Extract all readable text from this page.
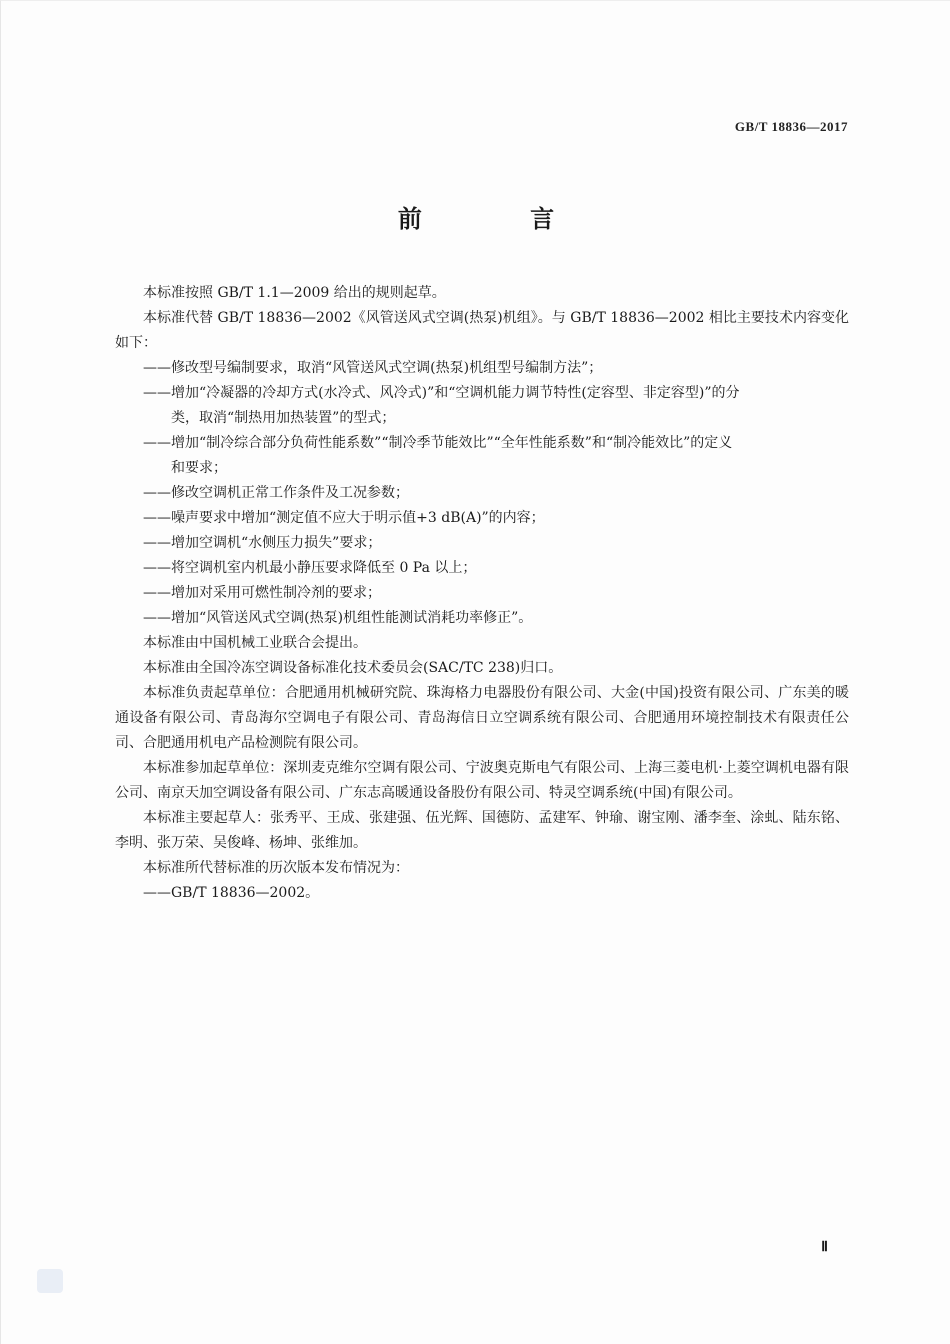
GB/T 18836—2017
前 言

本标准按照 GB/T 1.1—2009 给出的规则起草。

本标准代替 GB/T 18836—2002《风管送风式空调(热泵)机组》。与 GB/T 18836—2002 相比主要技术内容变化如下：

——修改型号编制要求，取消“风管送风式空调(热泵)机组型号编制方法”；

——增加“冷凝器的冷却方式(水冷式、风冷式)”和“空调机能力调节特性(定容型、非定容型)”的分

类，取消“制热用加热装置”的型式；

——增加“制冷综合部分负荷性能系数”“制冷季节能效比”“全年性能系数”和“制冷能效比”的定义

和要求；

——修改空调机正常工作条件及工况参数；

——噪声要求中增加“测定值不应大于明示值+3 dB(A)”的内容；

——增加空调机“水侧压力损失”要求；

——将空调机室内机最小静压要求降低至 0 Pa 以上；

——增加对采用可燃性制冷剂的要求；

——增加“风管送风式空调(热泵)机组性能测试消耗功率修正”。

本标准由中国机械工业联合会提出。

本标准由全国冷冻空调设备标准化技术委员会(SAC/TC 238)归口。

本标准负责起草单位：合肥通用机械研究院、珠海格力电器股份有限公司、大金(中国)投资有限公司、广东美的暖通设备有限公司、青岛海尔空调电子有限公司、青岛海信日立空调系统有限公司、合肥通用环境控制技术有限责任公司、合肥通用机电产品检测院有限公司。

本标准参加起草单位：深圳麦克维尔空调有限公司、宁波奥克斯电气有限公司、上海三菱电机·上菱空调机电器有限公司、南京天加空调设备有限公司、广东志高暖通设备股份有限公司、特灵空调系统(中国)有限公司。

本标准主要起草人：张秀平、王成、张建强、伍光辉、国德防、孟建军、钟瑜、谢宝刚、潘李奎、涂虬、陆东铭、李明、张万荣、吴俊峰、杨坤、张维加。

本标准所代替标准的历次版本发布情况为：

——GB/T 18836—2002。

Ⅱ
